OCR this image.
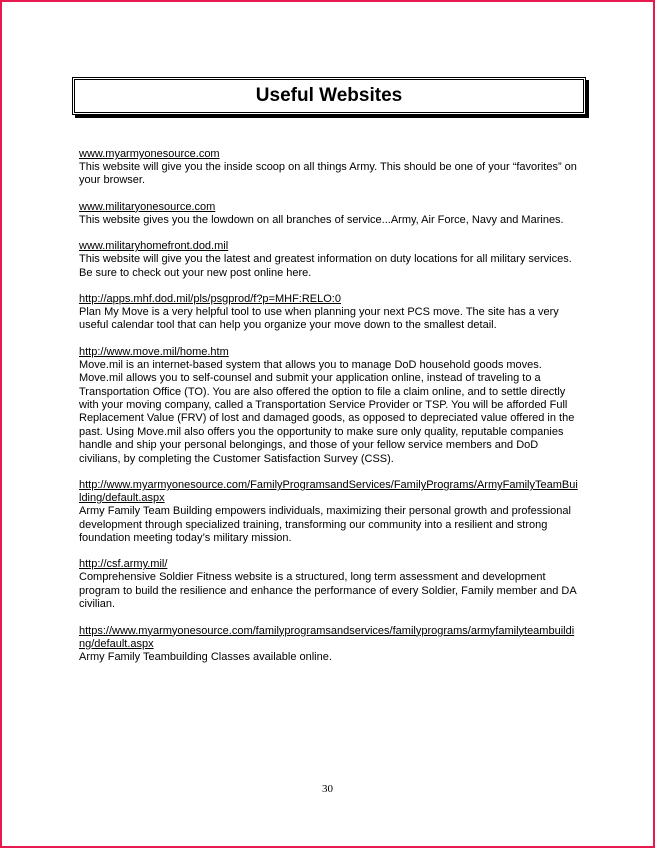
Useful Websites
www.myarmyonesource.com
This website will give you the inside scoop on all things Army. This should be one of your “favorites” on your browser.
www.militaryonesource.com
This website gives you the lowdown on all branches of service...Army, Air Force, Navy and Marines.
www.militaryhomefront.dod.mil
This website will give you the latest and greatest information on duty locations for all military services. Be sure to check out your new post online here.
http://apps.mhf.dod.mil/pls/psgprod/f?p=MHF:RELO:0
Plan My Move is a very helpful tool to use when planning your next PCS move. The site has a very useful calendar tool that can help you organize your move down to the smallest detail.
http://www.move.mil/home.htm
Move.mil is an internet-based system that allows you to manage DoD household goods moves. Move.mil allows you to self-counsel and submit your application online, instead of traveling to a Transportation Office (TO). You are also offered the option to file a claim online, and to settle directly with your moving company, called a Transportation Service Provider or TSP. You will be afforded Full Replacement Value (FRV) of lost and damaged goods, as opposed to depreciated value offered in the past. Using Move.mil also offers you the opportunity to make sure only quality, reputable companies handle and ship your personal belongings, and those of your fellow service members and DoD civilians, by completing the Customer Satisfaction Survey (CSS).
http://www.myarmyonesource.com/FamilyProgramsandServices/FamilyPrograms/ArmyFamilyTeamBuilding/default.aspx
Army Family Team Building empowers individuals, maximizing their personal growth and professional development through specialized training, transforming our community into a resilient and strong foundation meeting today’s military mission.
http://csf.army.mil/
Comprehensive Soldier Fitness website is a structured, long term assessment and development program to build the resilience and enhance the performance of every Soldier, Family member and DA civilian.
https://www.myarmyonesource.com/familyprogramsandservices/familyprograms/armyfamilyteambuilding/default.aspx
Army Family Teambuilding Classes available online.
30
